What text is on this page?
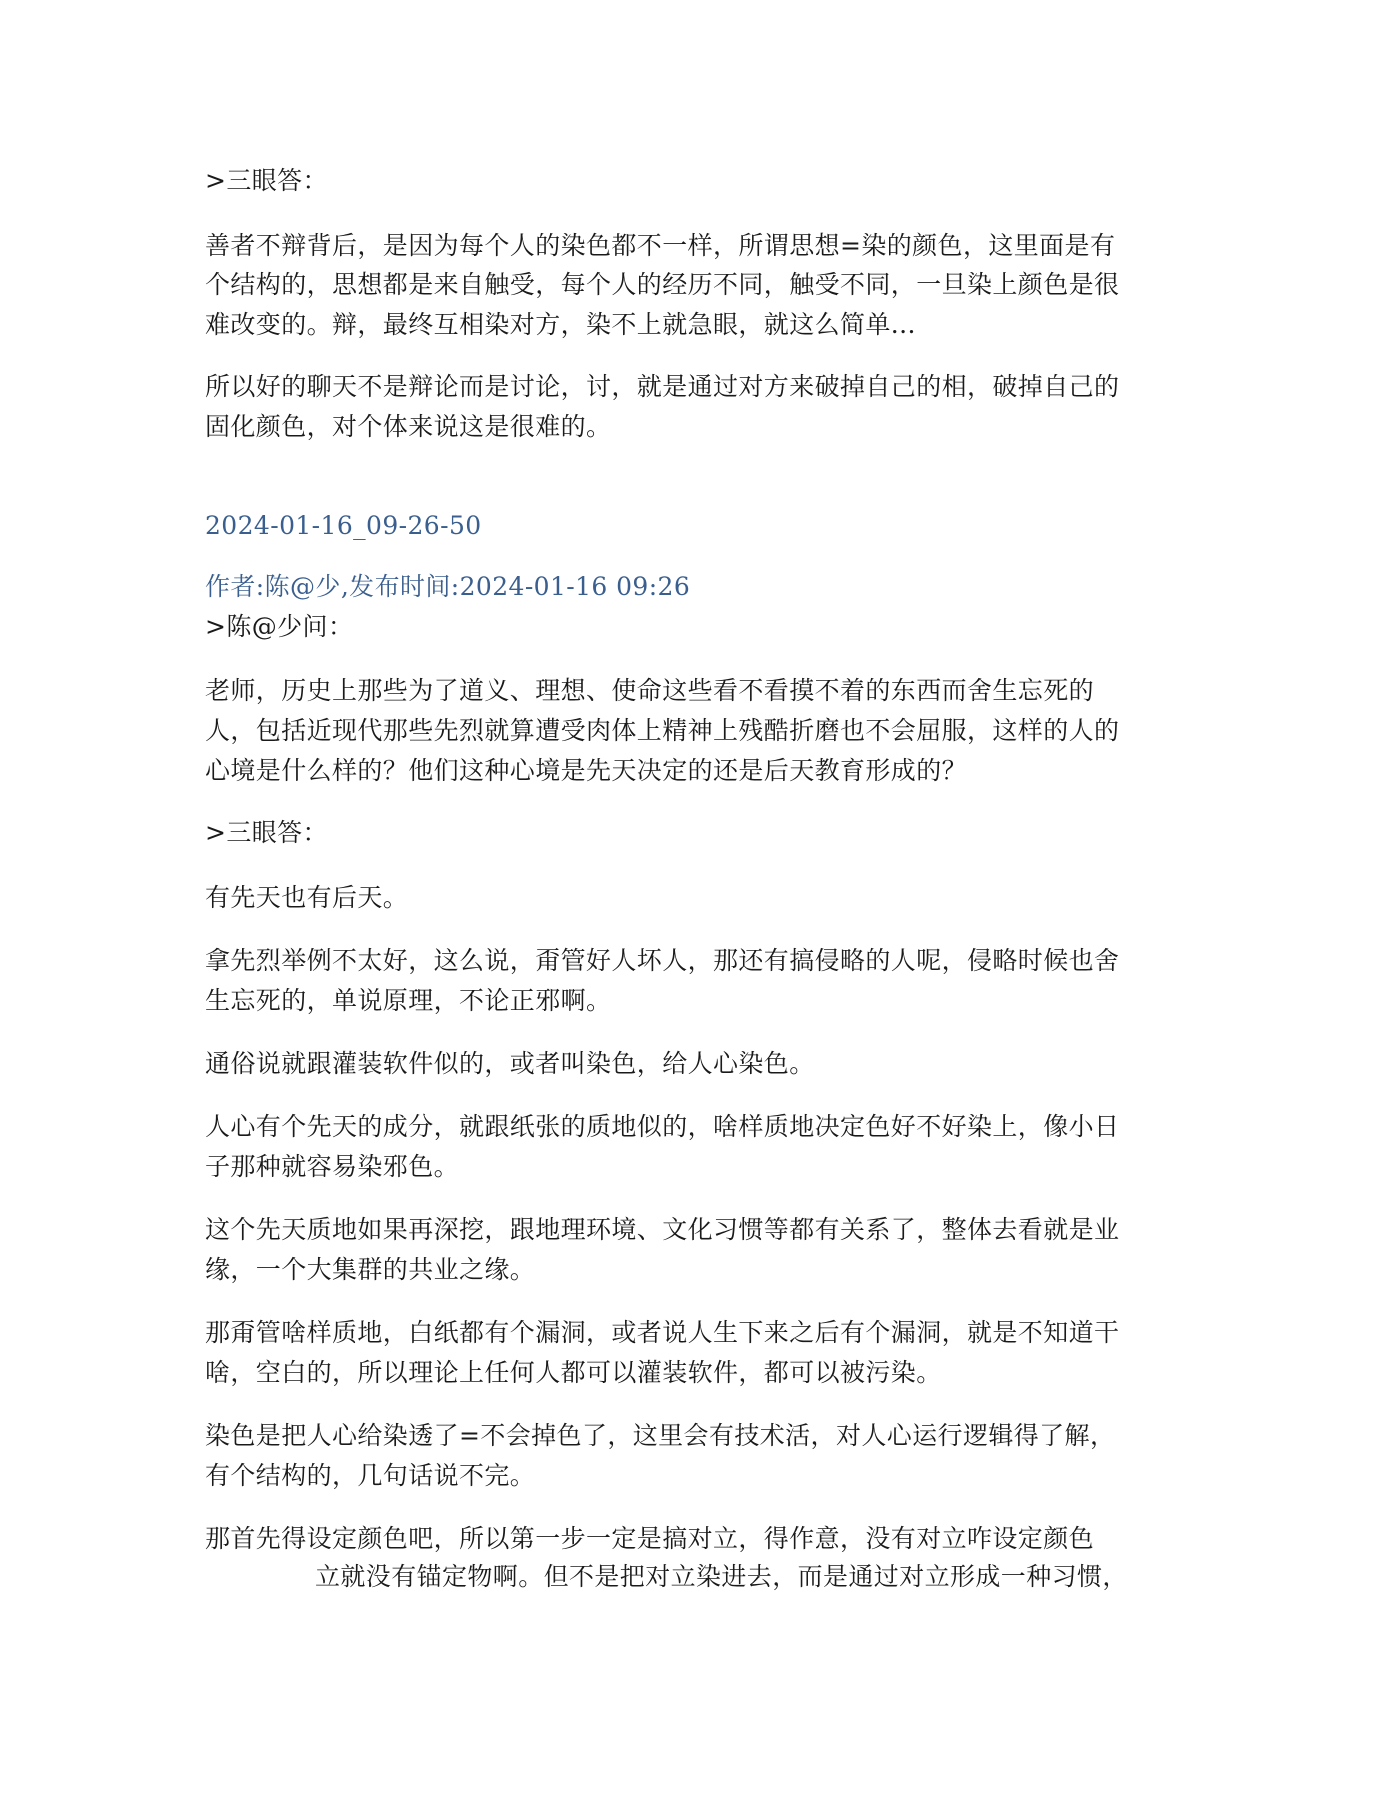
>三眼答：
善者不辩背后，是因为每个人的染色都不一样，所谓思想=染的颜色，这里面是有
个结构的，思想都是来自触受，每个人的经历不同，触受不同，一旦染上颜色是很
难改变的。辩，最终互相染对方，染不上就急眼，就这么简单...
所以好的聊天不是辩论而是讨论，讨，就是通过对方来破掉自己的相，破掉自己的
固化颜色，对个体来说这是很难的。
2024-01-16_09-26-50
作者:陈@少,发布时间:2024-01-16 09:26
>陈@少问：
老师，历史上那些为了道义、理想、使命这些看不看摸不着的东西而舍生忘死的
人，包括近现代那些先烈就算遭受肉体上精神上残酷折磨也不会屈服，这样的人的
心境是什么样的？他们这种心境是先天决定的还是后天教育形成的？
>三眼答：
有先天也有后天。
拿先烈举例不太好，这么说，甭管好人坏人，那还有搞侵略的人呢，侵略时候也舍
生忘死的，单说原理，不论正邪啊。
通俗说就跟灌装软件似的，或者叫染色，给人心染色。
人心有个先天的成分，就跟纸张的质地似的，啥样质地决定色好不好染上，像小日
子那种就容易染邪色。
这个先天质地如果再深挖，跟地理环境、文化习惯等都有关系了，整体去看就是业
缘，一个大集群的共业之缘。
那甭管啥样质地，白纸都有个漏洞，或者说人生下来之后有个漏洞，就是不知道干
啥，空白的，所以理论上任何人都可以灌装软件，都可以被污染。
染色是把人心给染透了=不会掉色了，这里会有技术活，对人心运行逻辑得了解，
有个结构的，几句话说不完。
那首先得设定颜色吧，所以第一步一定是搞对立，得作意，没有对立咋设定颜色
立就没有锚定物啊。但不是把对立染进去，而是通过对立形成一种习惯，
